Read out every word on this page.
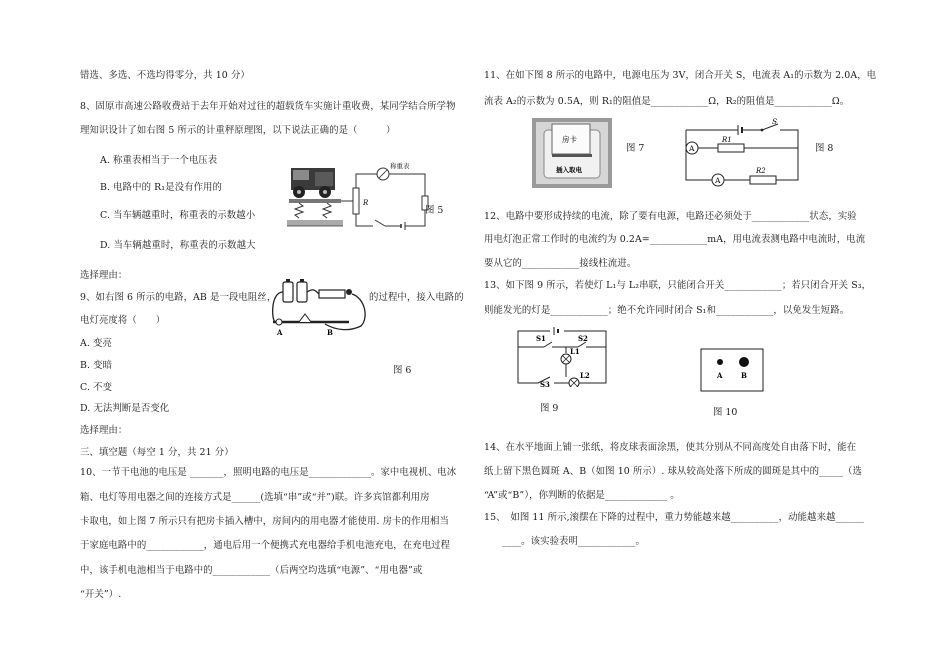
错选、多选、不选均得零分，共 10 分）
8、固原市高速公路收费站于去年开始对过往的超载货车实施计重收费，某同学结合所学物
理知识设计了如右图 5 所示的计重秤原理图，以下说法正确的是（　　　）
A. 称重表相当于一个电压表
B. 电路中的 R₁是没有作用的
C. 当车辆越重时，称重表的示数越小
D. 当车辆越重时，称重表的示数越大
选择理由：
9、如右图 6 所示的电路，AB 是一段电阻丝，	的过程中，接入电路的
电灯亮度将（　　）
A. 变亮
B. 变暗
C. 不变
D. 无法判断是否变化
选择理由：
三、填空题（每空 1 分，共 21 分）
10、一节干电池的电压是 _______，照明电路的电压是_____________。家中电视机、电冰
箱、电灯等用电器之间的连接方式是______(选填“串”或“并”)联。许多宾馆都利用房
卡取电，如上图 7 所示只有把房卡插入槽中，房间内的用电器才能使用. 房卡的作用相当
于家庭电路中的____________，通电后用一个便携式充电器给手机电池充电，在充电过程
中，该手机电池相当于电路中的____________（后两空均选填“电源”、“用电器”或
“开关”）.
11、在如下图 8 所示的电路中，电源电压为 3V，闭合开关 S，电流表 A₁的示数为 2.0A，电
流表 A₂的示数为 0.5A，则 R₁的阻值是____________Ω，R₂的阻值是____________Ω。
12、电路中要形成持续的电流，除了要有电源，电路还必须处于____________状态，实验
用电灯泡正常工作时的电流约为 0.2A=____________mA，用电流表测电路中电流时，电流
要从它的____________接线柱流进。
13、如下图 9 所示，若使灯 L₁与 L₂串联，只能闭合开关____________；若只闭合开关 S₃，
则能发光的灯是____________；绝不允许同时闭合 S₁和____________，以免发生短路。
14、在水平地面上铺一张纸，将皮球表面涂黑，使其分别从不同高度处自由落下时，能在
纸上留下黑色圆斑 A、B（如图 10 所示）. 球从较高处落下所成的圆斑是其中的_____（选
“A”或“B”），你判断的依据是_____________ 。
15、　如图 11 所示,滚摆在下降的过程中，重力势能越来越__________，动能越来越______
____。该实验表明____________。
R
称重表
图 5
A	B
图 6
房卡
插入取电
图 7
S
A
R1
A
R2
图 8
S1	S2
L1
S3
L2
图 9
A	B
图 10
